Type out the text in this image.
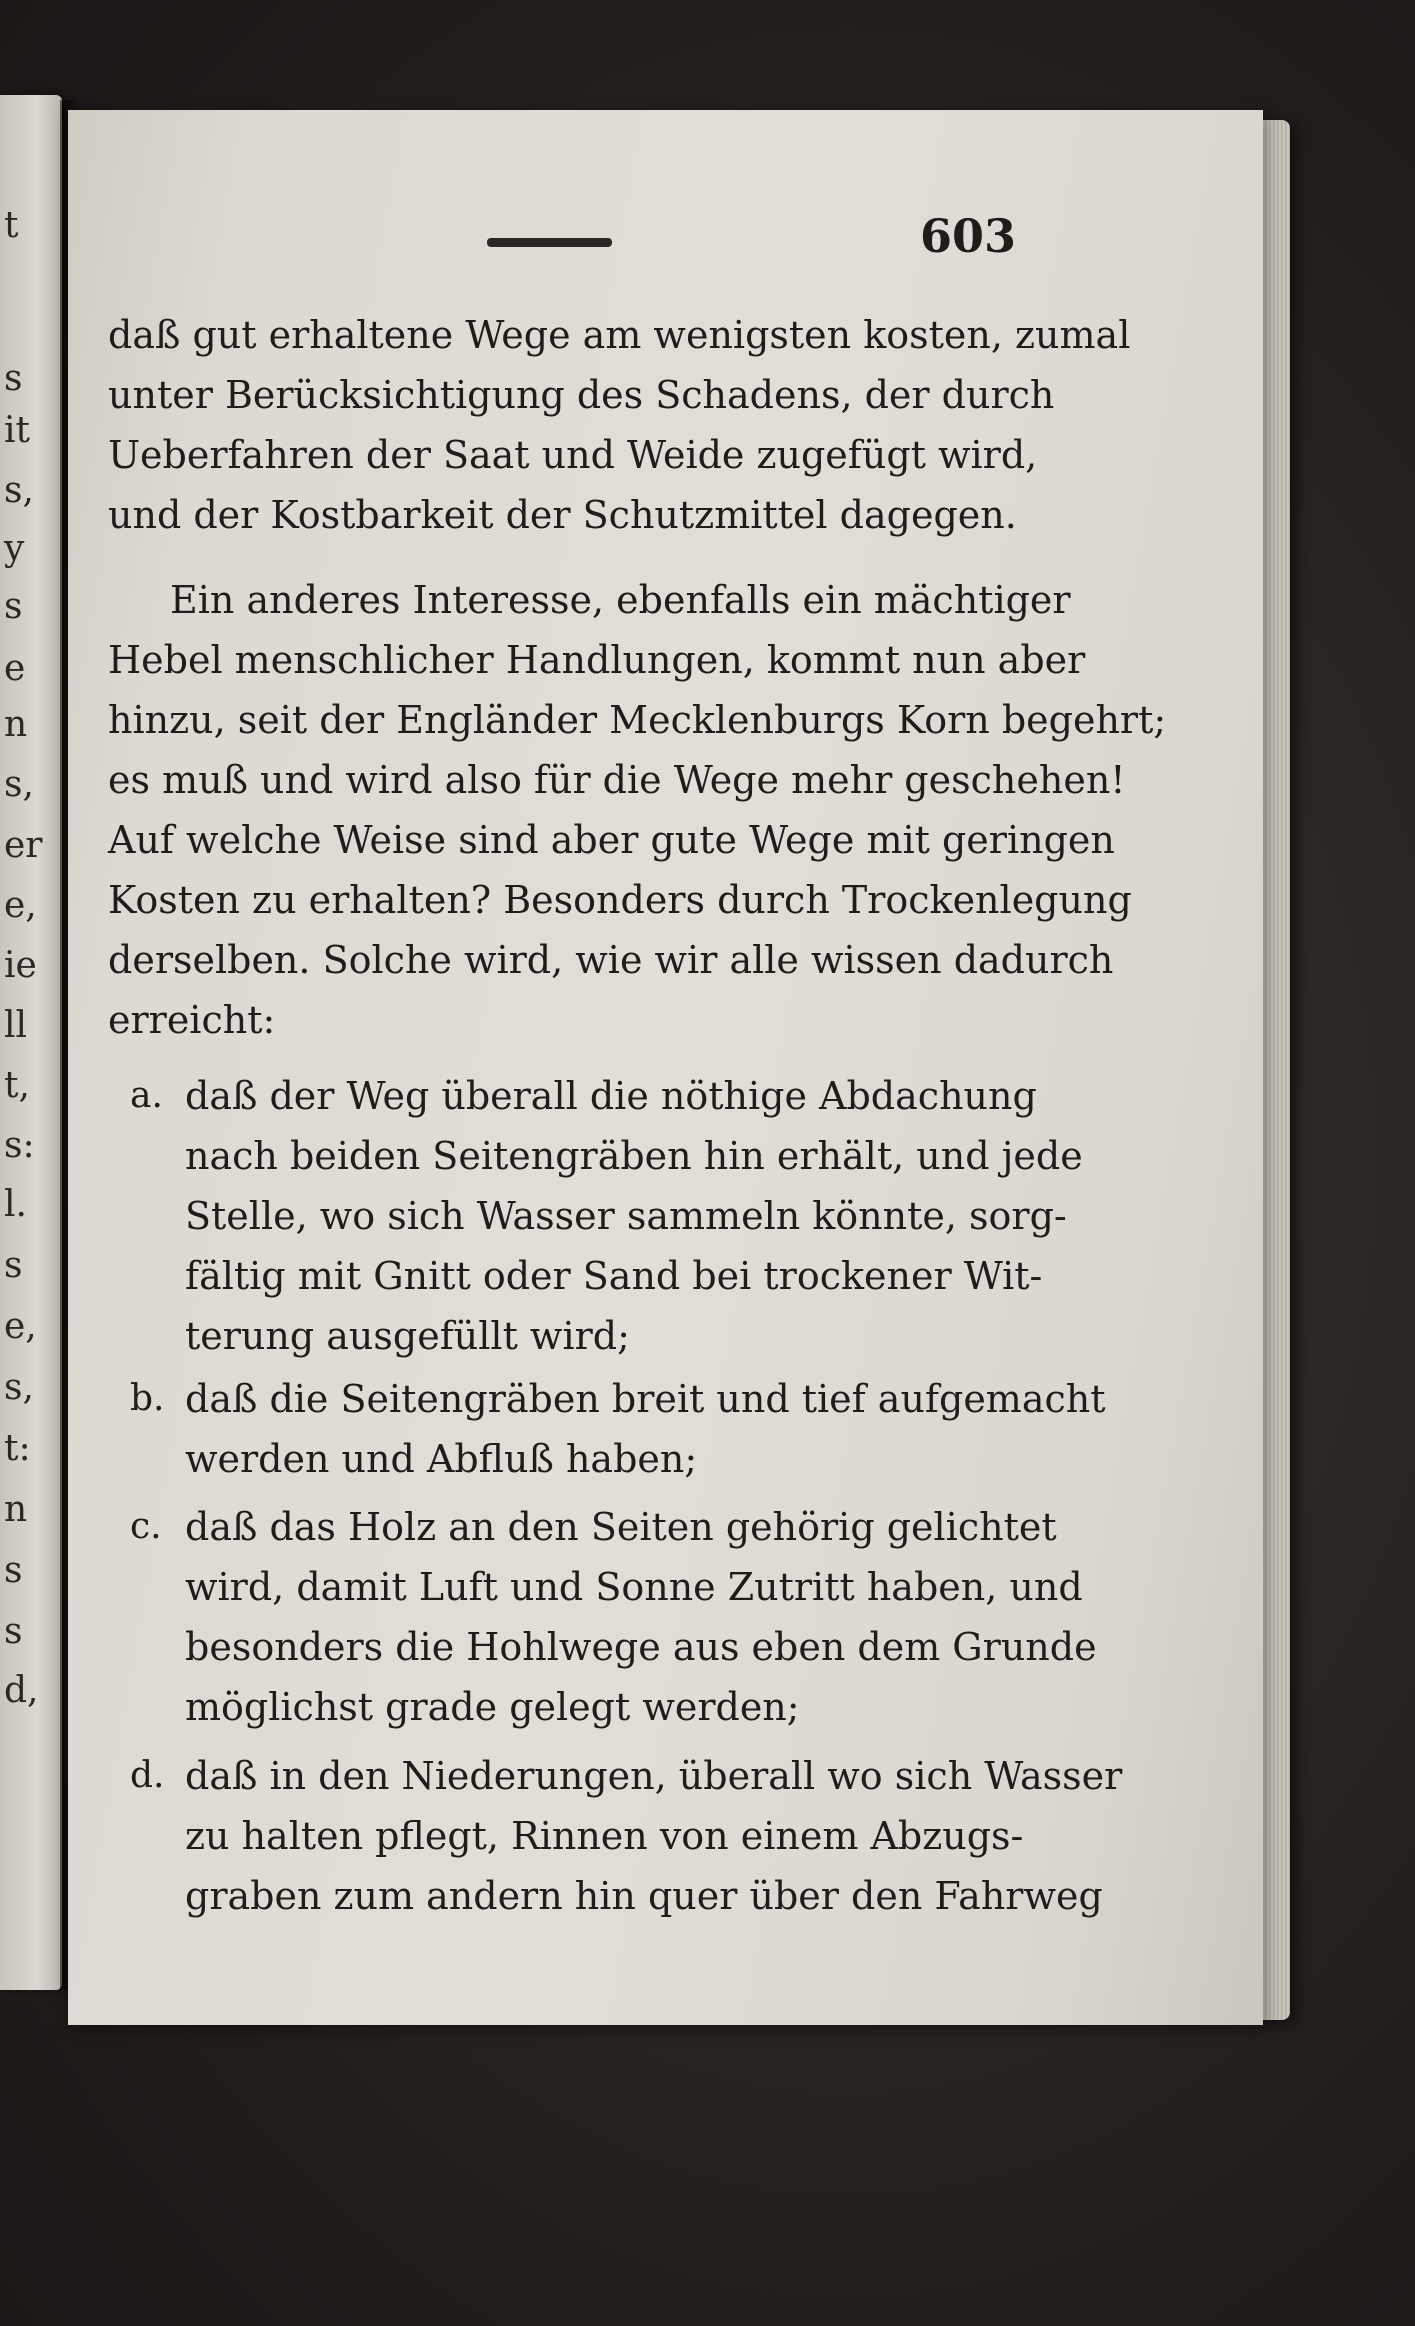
t
s
it
s,
y
s
e
n
s,
er
e,
ie
ll
t,
s:
l.
s
e,
s,
t:
n
s
s
d,
603
daß gut erhaltene Wege am wenigsten kosten, zumal
unter Berücksichtigung des Schadens, der durch
Ueberfahren der Saat und Weide zugefügt wird,
und der Kostbarkeit der Schutzmittel dagegen.
Ein anderes Interesse, ebenfalls ein mächtiger
Hebel menschlicher Handlungen, kommt nun aber
hinzu, seit der Engländer Mecklenburgs Korn begehrt;
es muß und wird also für die Wege mehr geschehen!
Auf welche Weise sind aber gute Wege mit geringen
Kosten zu erhalten? Besonders durch Trockenlegung
derselben. Solche wird, wie wir alle wissen dadurch
erreicht:
a. daß der Weg überall die nöthige Abdachung
nach beiden Seitengräben hin erhält, und jede
Stelle, wo sich Wasser sammeln könnte, sorg-
fältig mit Gnitt oder Sand bei trockener Wit-
terung ausgefüllt wird;
b. daß die Seitengräben breit und tief aufgemacht
werden und Abfluß haben;
c. daß das Holz an den Seiten gehörig gelichtet
wird, damit Luft und Sonne Zutritt haben, und
besonders die Hohlwege aus eben dem Grunde
möglichst grade gelegt werden;
d. daß in den Niederungen, überall wo sich Wasser
zu halten pflegt, Rinnen von einem Abzugs-
graben zum andern hin quer über den Fahrweg
